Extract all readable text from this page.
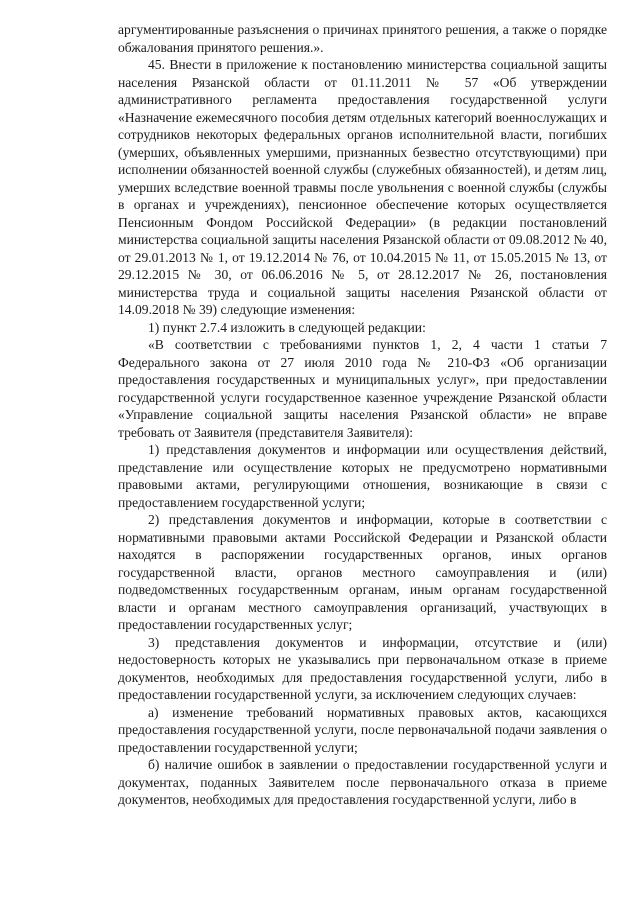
аргументированные разъяснения о причинах принятого решения, а также о порядке обжалования принятого решения.».

45. Внести в приложение к постановлению министерства социальной защиты населения Рязанской области от 01.11.2011 № 57 «Об утверждении административного регламента предоставления государственной услуги «Назначение ежемесячного пособия детям отдельных категорий военнослужащих и сотрудников некоторых федеральных органов исполнительной власти, погибших (умерших, объявленных умершими, признанных безвестно отсутствующими) при исполнении обязанностей военной службы (служебных обязанностей), и детям лиц, умерших вследствие военной травмы после увольнения с военной службы (службы в органах и учреждениях), пенсионное обеспечение которых осуществляется Пенсионным Фондом Российской Федерации» (в редакции постановлений министерства социальной защиты населения Рязанской области от 09.08.2012 № 40, от 29.01.2013 № 1, от 19.12.2014 № 76, от 10.04.2015 № 11, от 15.05.2015 № 13, от 29.12.2015 № 30, от 06.06.2016 № 5, от 28.12.2017 № 26, постановления министерства труда и социальной защиты населения Рязанской области от 14.09.2018 № 39) следующие изменения:

1) пункт 2.7.4 изложить в следующей редакции:

«В соответствии с требованиями пунктов 1, 2, 4 части 1 статьи 7 Федерального закона от 27 июля 2010 года № 210-ФЗ «Об организации предоставления государственных и муниципальных услуг», при предоставлении государственной услуги государственное казенное учреждение Рязанской области «Управление социальной защиты населения Рязанской области» не вправе требовать от Заявителя (представителя Заявителя):

1) представления документов и информации или осуществления действий, представление или осуществление которых не предусмотрено нормативными правовыми актами, регулирующими отношения, возникающие в связи с предоставлением государственной услуги;

2) представления документов и информации, которые в соответствии с нормативными правовыми актами Российской Федерации и Рязанской области находятся в распоряжении государственных органов, иных органов государственной власти, органов местного самоуправления и (или) подведомственных государственным органам, иным органам государственной власти и органам местного самоуправления организаций, участвующих в предоставлении государственных услуг;

3) представления документов и информации, отсутствие и (или) недостоверность которых не указывались при первоначальном отказе в приеме документов, необходимых для предоставления государственной услуги, либо в предоставлении государственной услуги, за исключением следующих случаев:

а) изменение требований нормативных правовых актов, касающихся предоставления государственной услуги, после первоначальной подачи заявления о предоставлении государственной услуги;

б) наличие ошибок в заявлении о предоставлении государственной услуги и документах, поданных Заявителем после первоначального отказа в приеме документов, необходимых для предоставления государственной услуги, либо в
